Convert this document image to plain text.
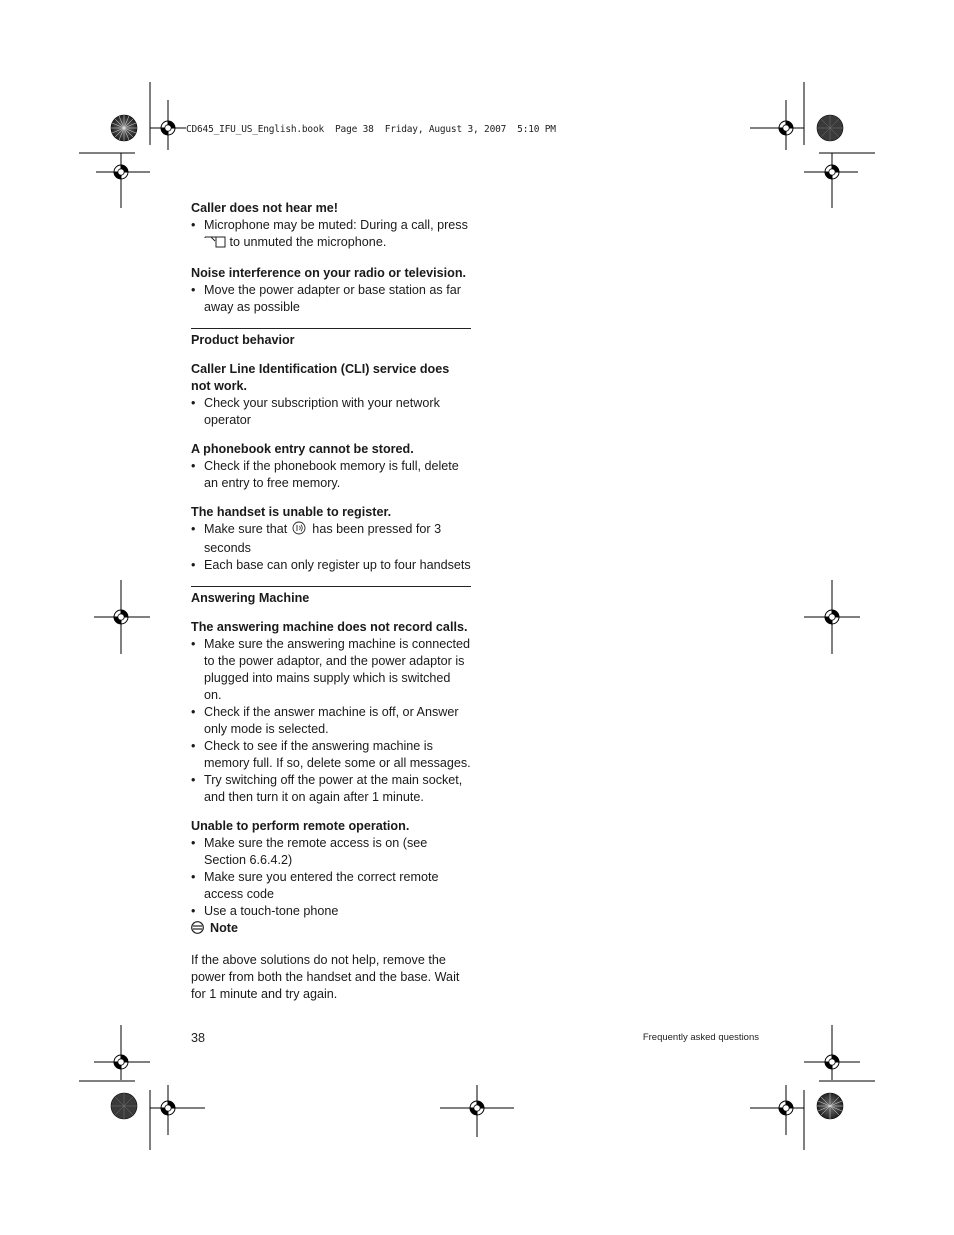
CD645_IFU_US_English.book  Page 38  Friday, August 3, 2007  5:10 PM

Caller does not hear me!

• Microphone may be muted: During a call, press  to unmuted the microphone.

Noise interference on your radio or television.

• Move the power adapter or base station as far away as possible

Product behavior

Caller Line Identification (CLI) service does not work.

• Check your subscription with your network operator

A phonebook entry cannot be stored.

• Check if the phonebook memory is full, delete an entry to free memory.

The handset is unable to register.

• Make sure that  has been pressed for 3 seconds
• Each base can only register up to four handsets

Answering Machine

The answering machine does not record calls.

• Make sure the answering machine is connected to the power adaptor, and the power adaptor is plugged into mains supply which is switched on.
• Check if the answer machine is off, or Answer only mode is selected.
• Check to see if the answering machine is memory full. If so, delete some or all messages.
• Try switching off the power at the main socket, and then turn it on again after 1 minute.

Unable to perform remote operation.

• Make sure the remote access is on (see Section 6.6.4.2)
• Make sure you entered the correct remote access code
• Use a touch-tone phone

Note

If the above solutions do not help, remove the power from both the handset and the base. Wait for 1 minute and try again.

38	Frequently asked questions
